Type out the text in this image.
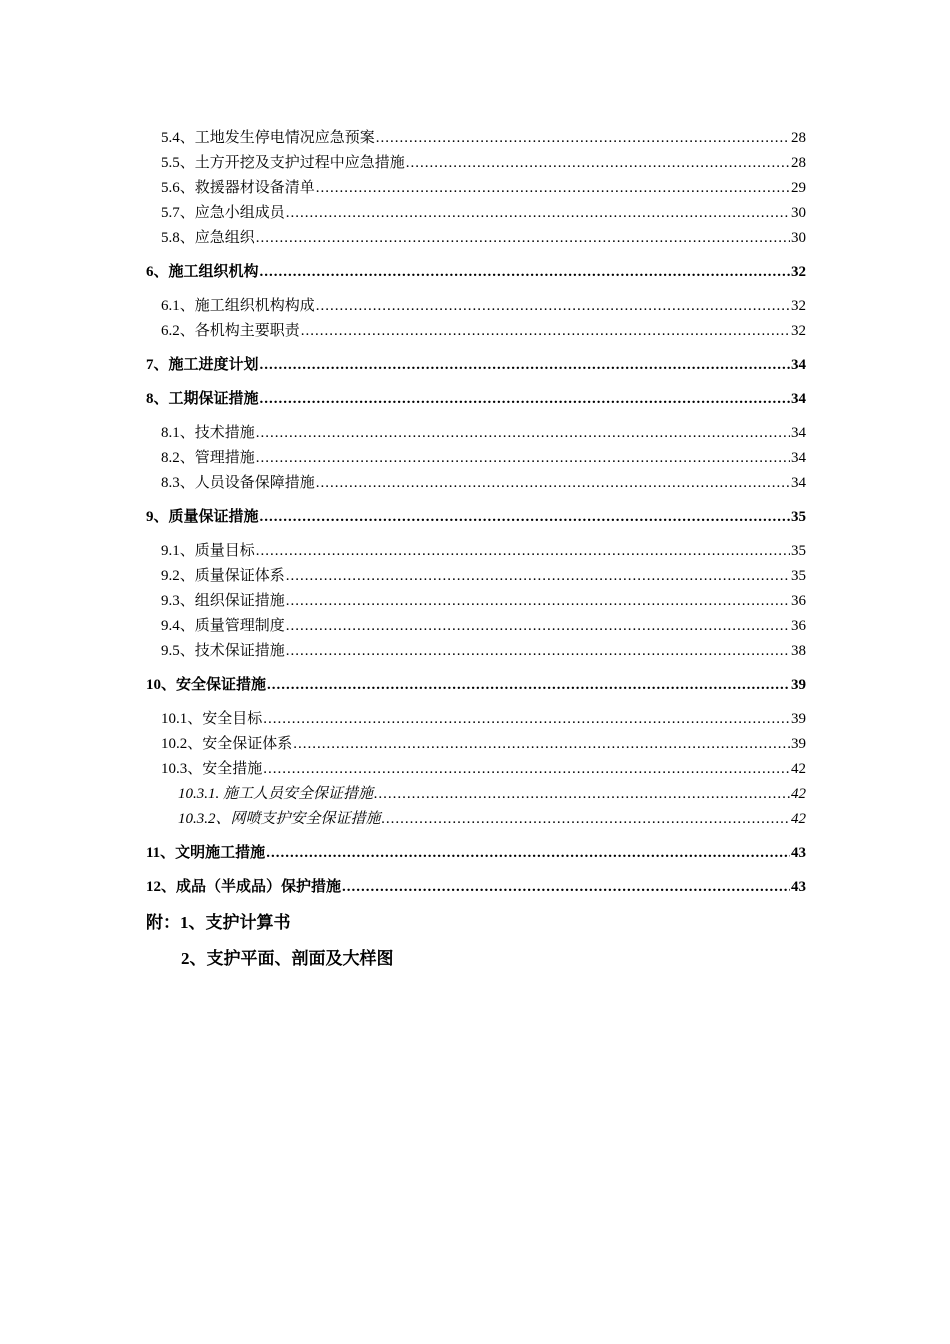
5.4、工地发生停电情况应急预案 .....	28
5.5、土方开挖及支护过程中应急措施 .....	28
5.6、救援器材设备清单 .....	29
5.7、应急小组成员 .....	30
5.8、应急组织 .....	30
6、施工组织机构 .....	32
6.1、施工组织机构构成 .....	32
6.2、各机构主要职责 .....	32
7、施工进度计划 .....	34
8、工期保证措施 .....	34
8.1、技术措施 .....	34
8.2、管理措施 .....	34
8.3、人员设备保障措施 .....	34
9、质量保证措施 .....	35
9.1、质量目标 .....	35
9.2、质量保证体系 .....	35
9.3、组织保证措施 .....	36
9.4、质量管理制度 .....	36
9.5、技术保证措施 .....	38
10、安全保证措施 .....	39
10.1、安全目标 .....	39
10.2、安全保证体系 .....	39
10.3、安全措施 .....	42
10.3.1. 施工人员安全保证措施 .....	42
10.3.2、网喷支护安全保证措施 .....	42
11、文明施工措施 .....	43
12、成品（半成品）保护措施 .....	43
附：1、支护计算书
2、支护平面、剖面及大样图
